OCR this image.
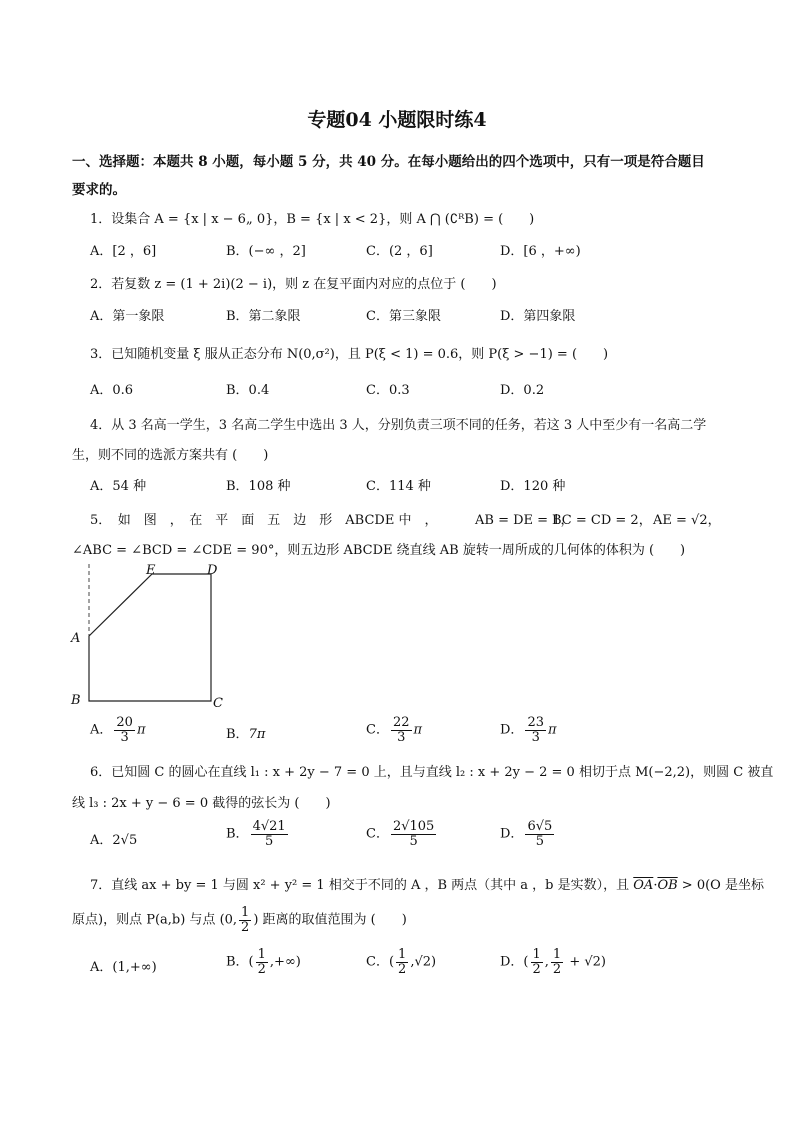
专题04 小题限时练4
一、选择题：本题共 8 小题，每小题 5 分，共 40 分。在每小题给出的四个选项中，只有一项是符合题目
要求的。
1．设集合 A = {x | x − 6„ 0}，B = {x | x < 2}，则 A ⋂ (∁ᴿB) = (　　)
A．[2 ，6]	B．(−∞ ，2]	C．(2 ，6]	D．[6 ，+∞)
2．若复数 z = (1 + 2i)(2 − i)，则 z 在复平面内对应的点位于 (　　)
A．第一象限	B．第二象限	C．第三象限	D．第四象限
3．已知随机变量 ξ 服从正态分布 N(0,σ²)，且 P(ξ < 1) = 0.6，则 P(ξ > −1) = (　　)
A．0.6	B．0.4	C．0.3	D．0.2
4．从 3 名高一学生，3 名高二学生中选出 3 人，分别负责三项不同的任务，若这 3 人中至少有一名高二学
生，则不同的选派方案共有 (　　)
A．54 种	B．108 种	C．114 种	D．120 种
5．　如　图　，　在　平　面　五　边　形　ABCDE 中　，	AB = DE = 1，
BC = CD = 2， AE = √2，
∠ABC = ∠BCD = ∠CDE = 90°，则五边形 ABCDE 绕直线 AB 旋转一周所成的几何体的体积为 (　　)
A
B	C
D
E
A． $\frac{20}{3}$ π	B．7π	C． $\frac{22}{3}$ π	D． $\frac{23}{3}$ π
6．已知圆 C 的圆心在直线 l₁ : x + 2y − 7 = 0 上，且与直线 l₂ : x + 2y − 2 = 0 相切于点 M(−2,2)，则圆 C 被直
线 l₃ : 2x + y − 6 = 0 截得的弦长为 (　　)
A．2√5	B． $\frac{4√21}{5}$	C． $\frac{2√105}{5}$	D． $\frac{6√5}{5}$
7．直线 ax + by = 1 与圆 x² + y² = 1 相交于不同的 A ，B 两点（其中 a ，b 是实数），且 $\overline{OA}\cdot\overline{OB} > 0(O$ 是坐标
原点)，则点 P(a,b) 与点 (0, $\frac{1}{2}$ ) 距离的取值范围为 (　　)
A．(1,+∞)	B．( $\frac{1}{2}$ ,+∞)	C．( $\frac{1}{2} ,√2$)	D．( $\frac{1}{2}$ , $\frac{1}{2} + √2$)
